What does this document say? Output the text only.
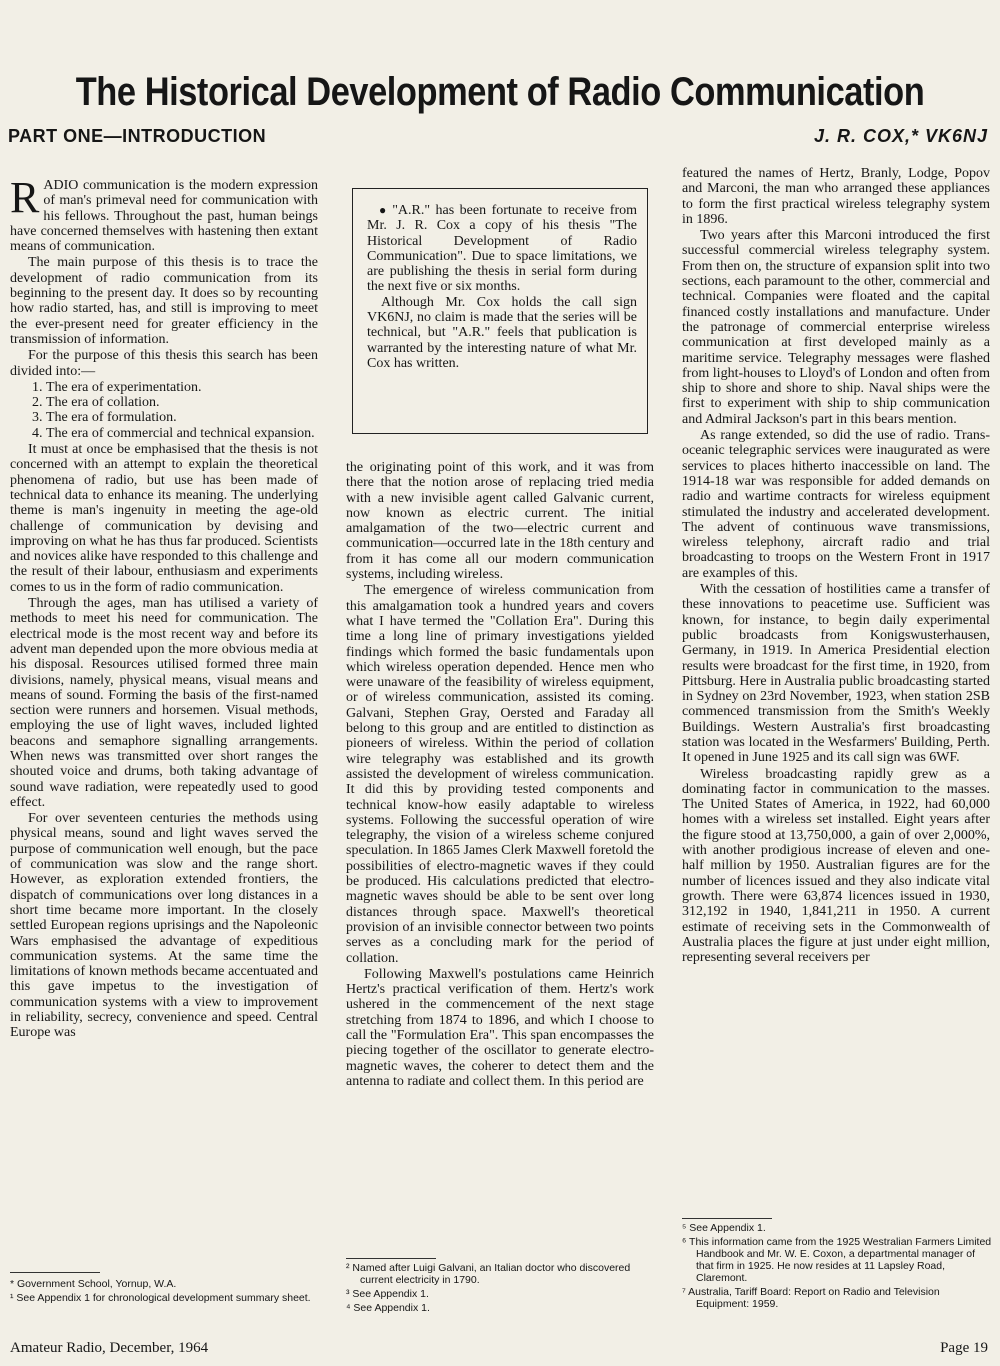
The Historical Development of Radio Communication
PART ONE—INTRODUCTION	J. R. COX,* VK6NJ

RADIO communication is the modern expression of man's primeval need for communication with his fellows. Throughout the past, human beings have concerned themselves with hastening then extant means of communication.

The main purpose of this thesis is to trace the development of radio communication from its beginning to the present day. It does so by recounting how radio started, has, and still is improving to meet the ever-present need for greater efficiency in the transmission of information.

For the purpose of this thesis this search has been divided into:—

1. The era of experimentation.
2. The era of collation.
3. The era of formulation.
4. The era of commercial and technical expansion.

It must at once be emphasised that the thesis is not concerned with an attempt to explain the theoretical phenomena of radio, but use has been made of technical data to enhance its meaning. The underlying theme is man's ingenuity in meeting the age-old challenge of communication by devising and improving on what he has thus far produced. Scientists and novices alike have responded to this challenge and the result of their labour, enthusiasm and experiments comes to us in the form of radio communication.

Through the ages, man has utilised a variety of methods to meet his need for communication. The electrical mode is the most recent way and before its advent man depended upon the more obvious media at his disposal. Resources utilised formed three main divisions, namely, physical means, visual means and means of sound. Forming the basis of the first-named section were runners and horsemen. Visual methods, employing the use of light waves, included lighted beacons and semaphore signalling arrangements. When news was transmitted over short ranges the shouted voice and drums, both taking advantage of sound wave radiation, were repeatedly used to good effect.

For over seventeen centuries the methods using physical means, sound and light waves served the purpose of communication well enough, but the pace of communication was slow and the range short. However, as exploration extended frontiers, the dispatch of communications over long distances in a short time became more important. In the closely settled European regions uprisings and the Napoleonic Wars emphasised the advantage of expeditious communication systems. At the same time the limitations of known methods became accentuated and this gave impetus to the investigation of communication systems with a view to improvement in reliability, secrecy, convenience and speed. Central Europe was

● "A.R." has been fortunate to receive from Mr. J. R. Cox a copy of his thesis "The Historical Development of Radio Communication". Due to space limitations, we are publishing the thesis in serial form during the next five or six months.

Although Mr. Cox holds the call sign VK6NJ, no claim is made that the series will be technical, but "A.R." feels that publication is warranted by the interesting nature of what Mr. Cox has written.

the originating point of this work, and it was from there that the notion arose of replacing tried media with a new invisible agent called Galvanic current, now known as electric current. The initial amalgamation of the two—electric current and communication—occurred late in the 18th century and from it has come all our modern communication systems, including wireless.

The emergence of wireless communication from this amalgamation took a hundred years and covers what I have termed the "Collation Era". During this time a long line of primary investigations yielded findings which formed the basic fundamentals upon which wireless operation depended. Hence men who were unaware of the feasibility of wireless equipment, or of wireless communication, assisted its coming. Galvani, Stephen Gray, Oersted and Faraday all belong to this group and are entitled to distinction as pioneers of wireless. Within the period of collation wire telegraphy was established and its growth assisted the development of wireless communication. It did this by providing tested components and technical know-how easily adaptable to wireless systems. Following the successful operation of wire telegraphy, the vision of a wireless scheme conjured speculation. In 1865 James Clerk Maxwell foretold the possibilities of electro-magnetic waves if they could be produced. His calculations predicted that electro-magnetic waves should be able to be sent over long distances through space. Maxwell's theoretical provision of an invisible connector between two points serves as a concluding mark for the period of collation.

Following Maxwell's postulations came Heinrich Hertz's practical verification of them. Hertz's work ushered in the commencement of the next stage stretching from 1874 to 1896, and which I choose to call the "Formulation Era". This span encompasses the piecing together of the oscillator to generate electro-magnetic waves, the coherer to detect them and the antenna to radiate and collect them. In this period are

featured the names of Hertz, Branly, Lodge, Popov and Marconi, the man who arranged these appliances to form the first practical wireless telegraphy system in 1896.

Two years after this Marconi introduced the first successful commercial wireless telegraphy system. From then on, the structure of expansion split into two sections, each paramount to the other, commercial and technical. Companies were floated and the capital financed costly installations and manufacture. Under the patronage of commercial enterprise wireless communication at first developed mainly as a maritime service. Telegraphy messages were flashed from light-houses to Lloyd's of London and often from ship to shore and shore to ship. Naval ships were the first to experiment with ship to ship communication and Admiral Jackson's part in this bears mention.

As range extended, so did the use of radio. Trans-oceanic telegraphic services were inaugurated as were services to places hitherto inaccessible on land. The 1914-18 war was responsible for added demands on radio and wartime contracts for wireless equipment stimulated the industry and accelerated development. The advent of continuous wave transmissions, wireless telephony, aircraft radio and trial broadcasting to troops on the Western Front in 1917 are examples of this.

With the cessation of hostilities came a transfer of these innovations to peacetime use. Sufficient was known, for instance, to begin daily experimental public broadcasts from Konigswusterhausen, Germany, in 1919. In America Presidential election results were broadcast for the first time, in 1920, from Pittsburg. Here in Australia public broadcasting started in Sydney on 23rd November, 1923, when station 2SB commenced transmission from the Smith's Weekly Buildings. Western Australia's first broadcasting station was located in the Wesfarmers' Building, Perth. It opened in June 1925 and its call sign was 6WF.

Wireless broadcasting rapidly grew as a dominating factor in communication to the masses. The United States of America, in 1922, had 60,000 homes with a wireless set installed. Eight years after the figure stood at 13,750,000, a gain of over 2,000%, with another prodigious increase of eleven and one-half million by 1950. Australian figures are for the number of licences issued and they also indicate vital growth. There were 63,874 licences issued in 1930, 312,192 in 1940, 1,841,211 in 1950. A current estimate of receiving sets in the Commonwealth of Australia places the figure at just under eight million, representing several receivers per

* Government School, Yornup, W.A.
¹ See Appendix 1 for chronological development summary sheet.
² Named after Luigi Galvani, an Italian doctor who discovered current electricity in 1790.
³ See Appendix 1.
⁴ See Appendix 1.
⁵ See Appendix 1.
⁶ This information came from the 1925 Westralian Farmers Limited Handbook and Mr. W. E. Coxon, a departmental manager of that firm in 1925. He now resides at 11 Lapsley Road, Claremont.
⁷ Australia, Tariff Board: Report on Radio and Television Equipment: 1959.
Amateur Radio, December, 1964	Page 19
